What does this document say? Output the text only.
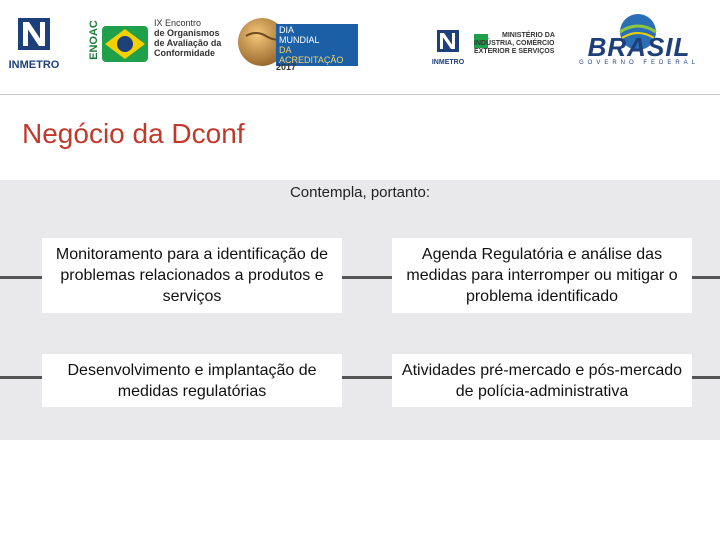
INMETRO
ENOAC	IX Encontro
de Organismos
de Avaliação da
Conformidade
DIA
MUNDIAL
DA ACREDITAÇÃO
2017	INMETRO
MINISTÉRIO DA
INDÚSTRIA, COMÉRCIO
EXTERIOR E SERVIÇOS	BRASIL
GOVERNO FEDERAL
Negócio da Dconf
Contempla, portanto:
Monitoramento para a identificação de problemas relacionados a produtos e serviços
Agenda Regulatória e análise das medidas para interromper ou mitigar o problema identificado
Desenvolvimento e implantação de medidas regulatórias
Atividades pré-mercado e pós-mercado de polícia-administrativa
